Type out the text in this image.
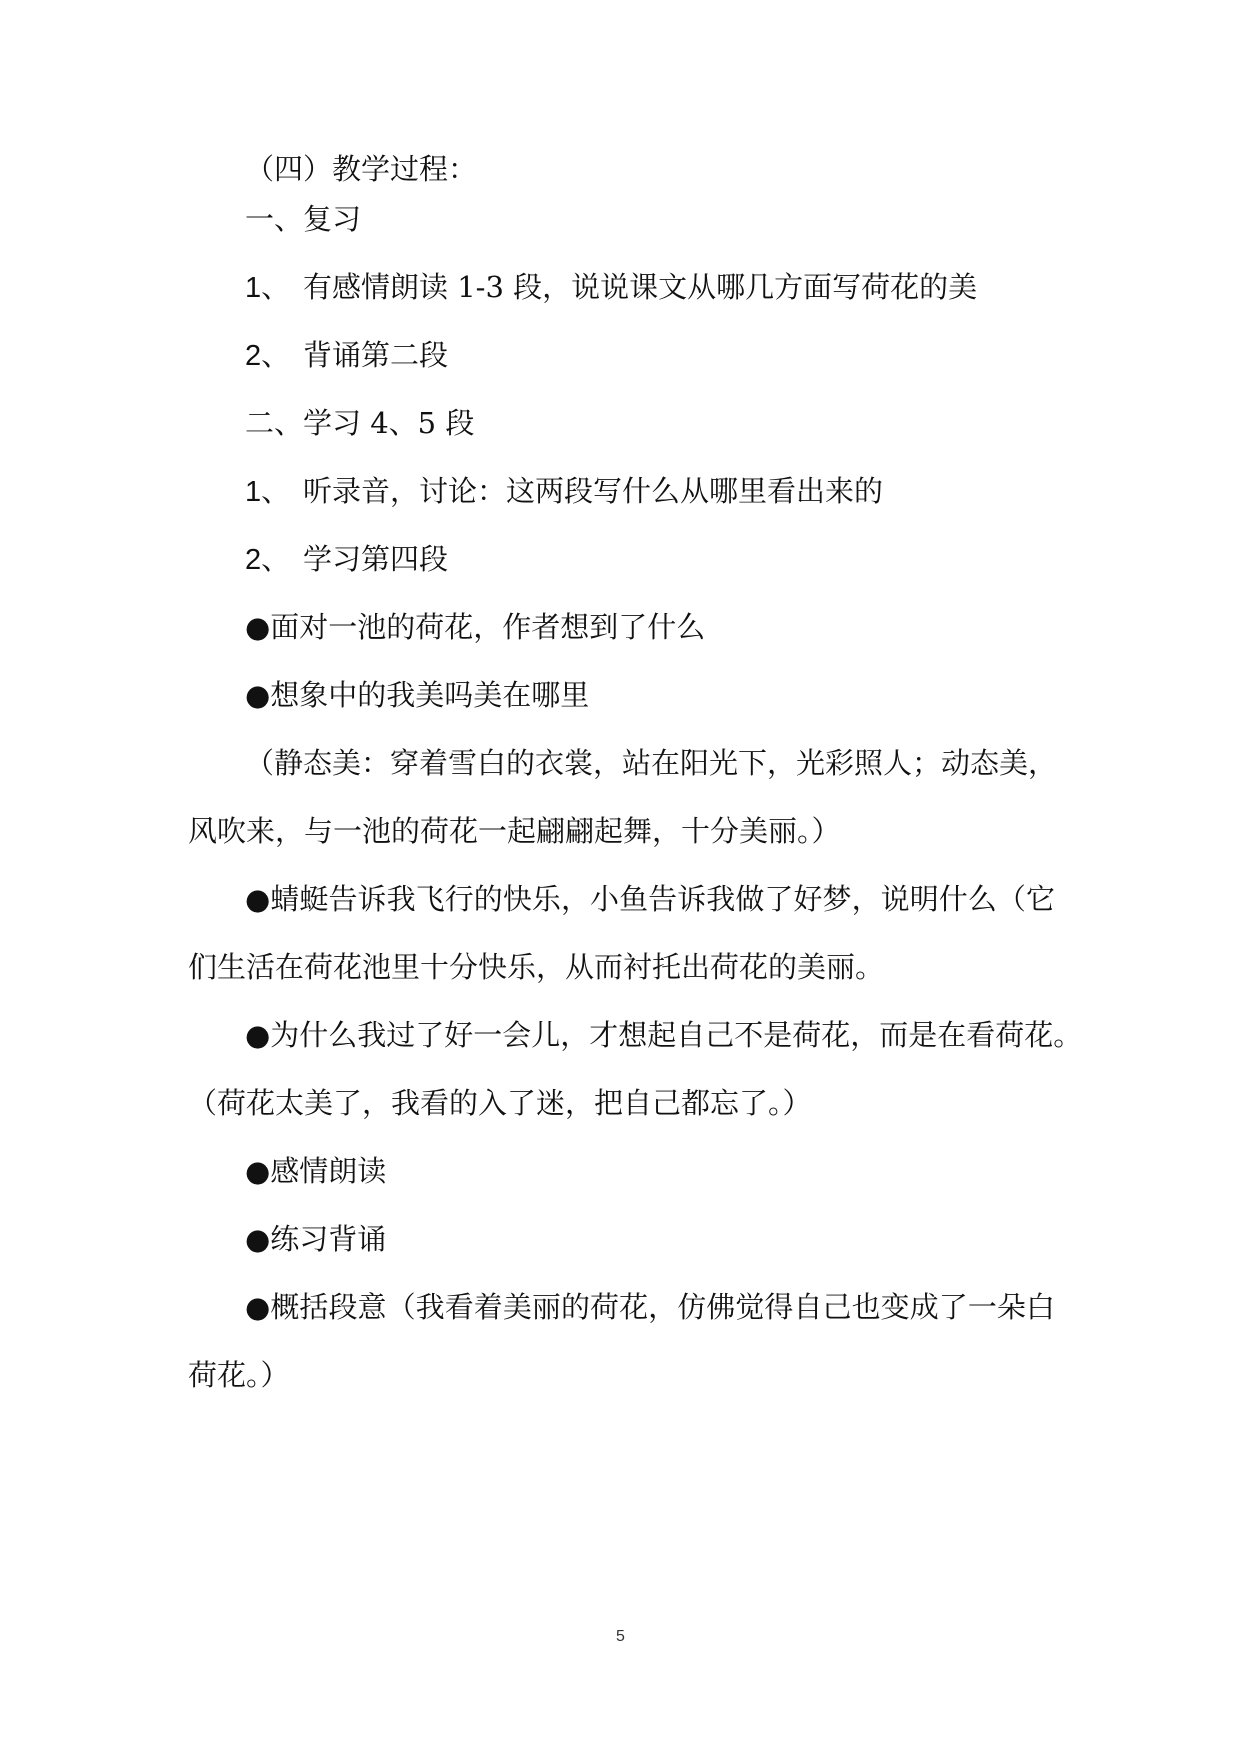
（四）教学过程：
一、复习
1、 有感情朗读 1-3 段，说说课文从哪几方面写荷花的美
2、 背诵第二段
二、学习 4、5 段
1、 听录音，讨论：这两段写什么从哪里看出来的
2、 学习第四段
●面对一池的荷花，作者想到了什么
●想象中的我美吗美在哪里
（静态美：穿着雪白的衣裳，站在阳光下，光彩照人；动态美，
风吹来，与一池的荷花一起翩翩起舞，十分美丽。）
●蜻蜓告诉我飞行的快乐，小鱼告诉我做了好梦，说明什么（它
们生活在荷花池里十分快乐，从而衬托出荷花的美丽。
●为什么我过了好一会儿，才想起自己不是荷花，而是在看荷花。
（荷花太美了，我看的入了迷，把自己都忘了。）
●感情朗读
●练习背诵
●概括段意（我看着美丽的荷花，仿佛觉得自己也变成了一朵白
荷花。）
5
